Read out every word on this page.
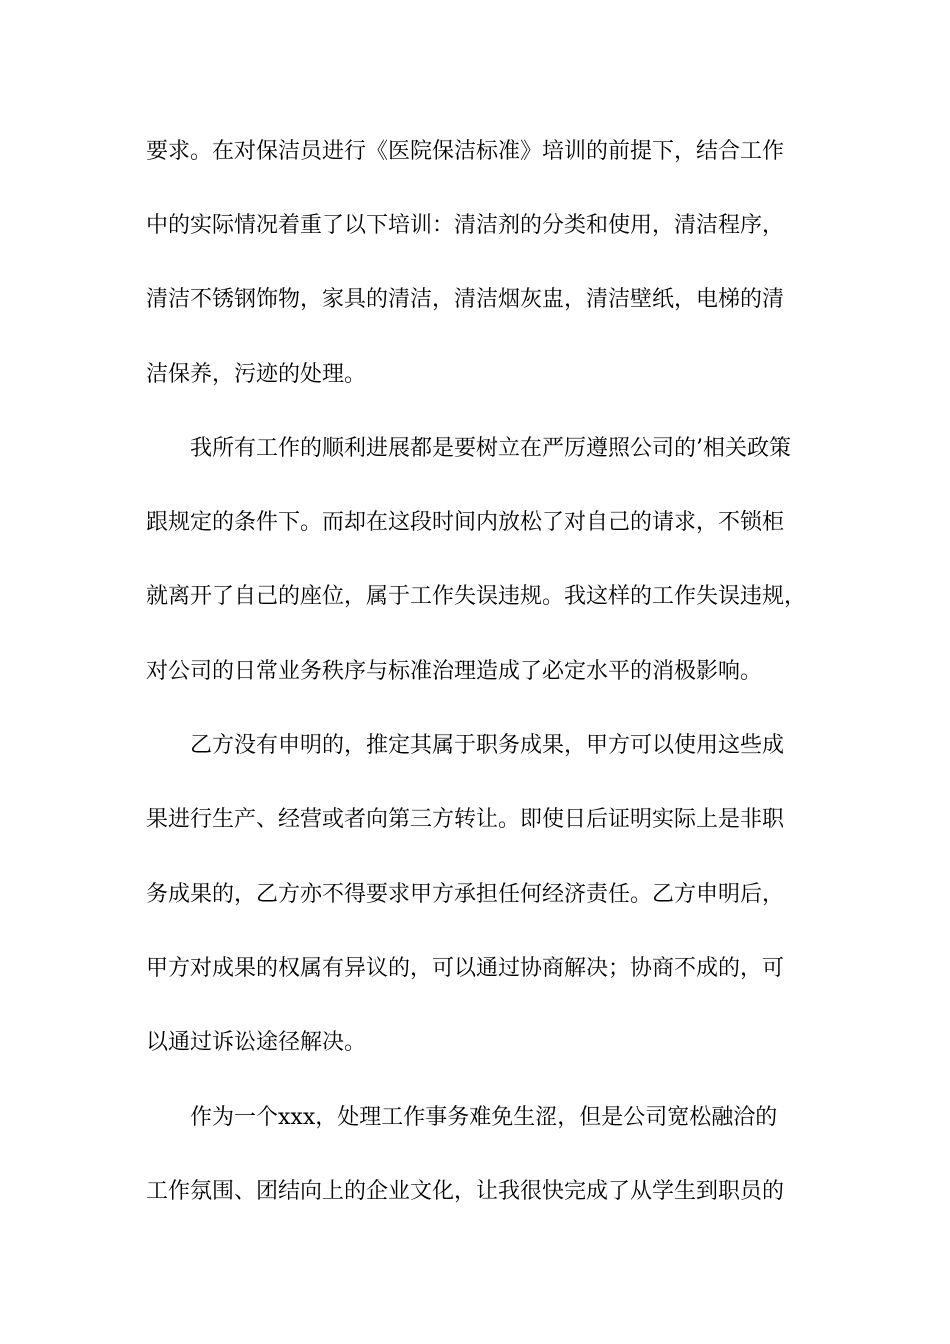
要求。在对保洁员进行《医院保洁标准》培训的前提下，结合工作
中的实际情况着重了以下培训：清洁剂的分类和使用，清洁程序，
清洁不锈钢饰物，家具的清洁，清洁烟灰盅，清洁壁纸，电梯的清
洁保养，污迹的处理。
我所有工作的顺利进展都是要树立在严厉遵照公司的’相关政策
跟规定的条件下。而却在这段时间内放松了对自己的请求，不锁柜
就离开了自己的座位，属于工作失误违规。我这样的工作失误违规，
对公司的日常业务秩序与标准治理造成了必定水平的消极影响。
乙方没有申明的，推定其属于职务成果，甲方可以使用这些成
果进行生产、经营或者向第三方转让。即使日后证明实际上是非职
务成果的，乙方亦不得要求甲方承担任何经济责任。乙方申明后，
甲方对成果的权属有异议的，可以通过协商解决；协商不成的，可
以通过诉讼途径解决。
作为一个xxx，处理工作事务难免生涩，但是公司宽松融洽的
工作氛围、团结向上的企业文化，让我很快完成了从学生到职员的
